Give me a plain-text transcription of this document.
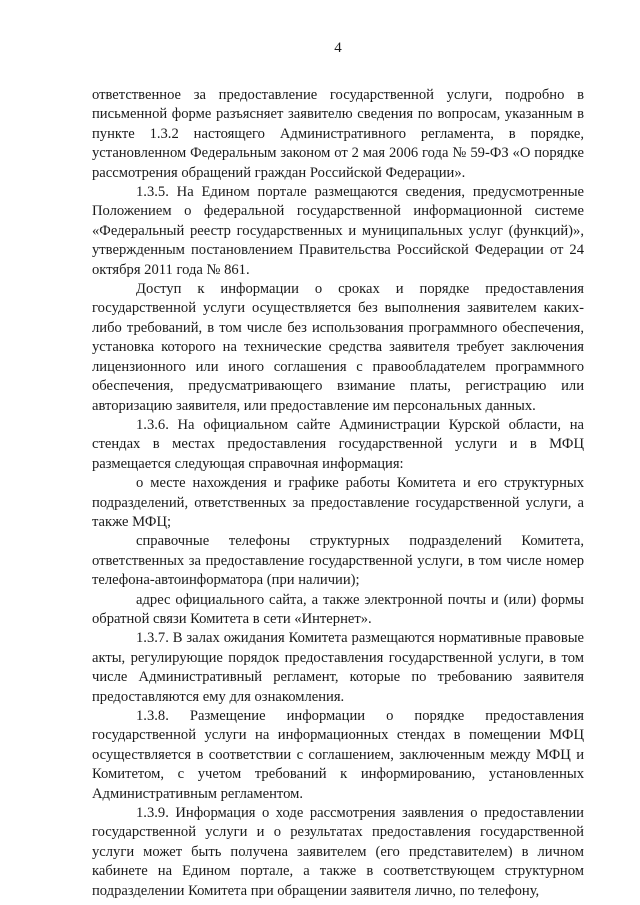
4

ответственное за предоставление государственной услуги, подробно в письменной форме разъясняет заявителю сведения по вопросам, указанным в пункте 1.3.2 настоящего Административного регламента, в порядке, установленном Федеральным законом от 2 мая 2006 года № 59-ФЗ «О порядке рассмотрения обращений граждан Российской Федерации».

1.3.5. На Едином портале размещаются сведения, предусмотренные Положением о федеральной государственной информационной системе «Федеральный реестр государственных и муниципальных услуг (функций)», утвержденным постановлением Правительства Российской Федерации от 24 октября 2011 года № 861.

Доступ к информации о сроках и порядке предоставления государственной услуги осуществляется без выполнения заявителем каких-либо требований, в том числе без использования программного обеспечения, установка которого на технические средства заявителя требует заключения лицензионного или иного соглашения с правообладателем программного обеспечения, предусматривающего взимание платы, регистрацию или авторизацию заявителя, или предоставление им персональных данных.

1.3.6. На официальном сайте Администрации Курской области, на стендах в местах предоставления государственной услуги и в МФЦ размещается следующая справочная информация:

о месте нахождения и графике работы Комитета и его структурных подразделений, ответственных за предоставление государственной услуги, а также МФЦ;

справочные телефоны структурных подразделений Комитета, ответственных за предоставление государственной услуги, в том числе номер телефона-автоинформатора (при наличии);

адрес официального сайта, а также электронной почты и (или) формы обратной связи Комитета в сети «Интернет».

1.3.7. В залах ожидания Комитета размещаются нормативные правовые акты, регулирующие порядок предоставления государственной услуги, в том числе Административный регламент, которые по требованию заявителя предоставляются ему для ознакомления.

1.3.8. Размещение информации о порядке предоставления государственной услуги на информационных стендах в помещении МФЦ осуществляется в соответствии с соглашением, заключенным между МФЦ и Комитетом, с учетом требований к информированию, установленных Административным регламентом.

1.3.9. Информация о ходе рассмотрения заявления о предоставлении государственной услуги и о результатах предоставления государственной услуги может быть получена заявителем (его представителем) в личном кабинете на Едином портале, а также в соответствующем структурном подразделении Комитета при обращении заявителя лично, по телефону,
